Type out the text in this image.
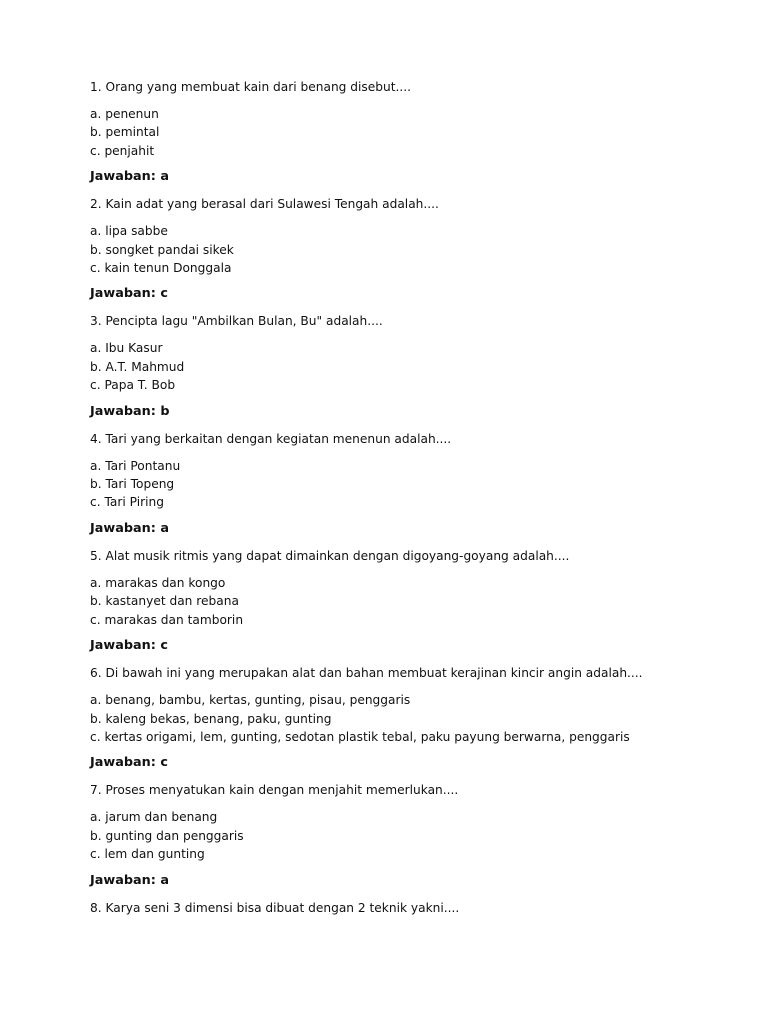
1. Orang yang membuat kain dari benang disebut....

a. penenun
b. pemintal
c. penjahit

Jawaban: a

2. Kain adat yang berasal dari Sulawesi Tengah adalah....

a. lipa sabbe
b. songket pandai sikek
c. kain tenun Donggala

Jawaban: c

3. Pencipta lagu "Ambilkan Bulan, Bu" adalah....

a. Ibu Kasur
b. A.T. Mahmud
c. Papa T. Bob

Jawaban: b

4. Tari yang berkaitan dengan kegiatan menenun adalah....

a. Tari Pontanu
b. Tari Topeng
c. Tari Piring

Jawaban: a

5. Alat musik ritmis yang dapat dimainkan dengan digoyang-goyang adalah....

a. marakas dan kongo
b. kastanyet dan rebana
c. marakas dan tamborin

Jawaban: c

6. Di bawah ini yang merupakan alat dan bahan membuat kerajinan kincir angin adalah....

a. benang, bambu, kertas, gunting, pisau, penggaris
b. kaleng bekas, benang, paku, gunting
c. kertas origami, lem, gunting, sedotan plastik tebal, paku payung berwarna, penggaris

Jawaban: c

7. Proses menyatukan kain dengan menjahit memerlukan....

a. jarum dan benang
b. gunting dan penggaris
c. lem dan gunting

Jawaban: a

8. Karya seni 3 dimensi bisa dibuat dengan 2 teknik yakni....
